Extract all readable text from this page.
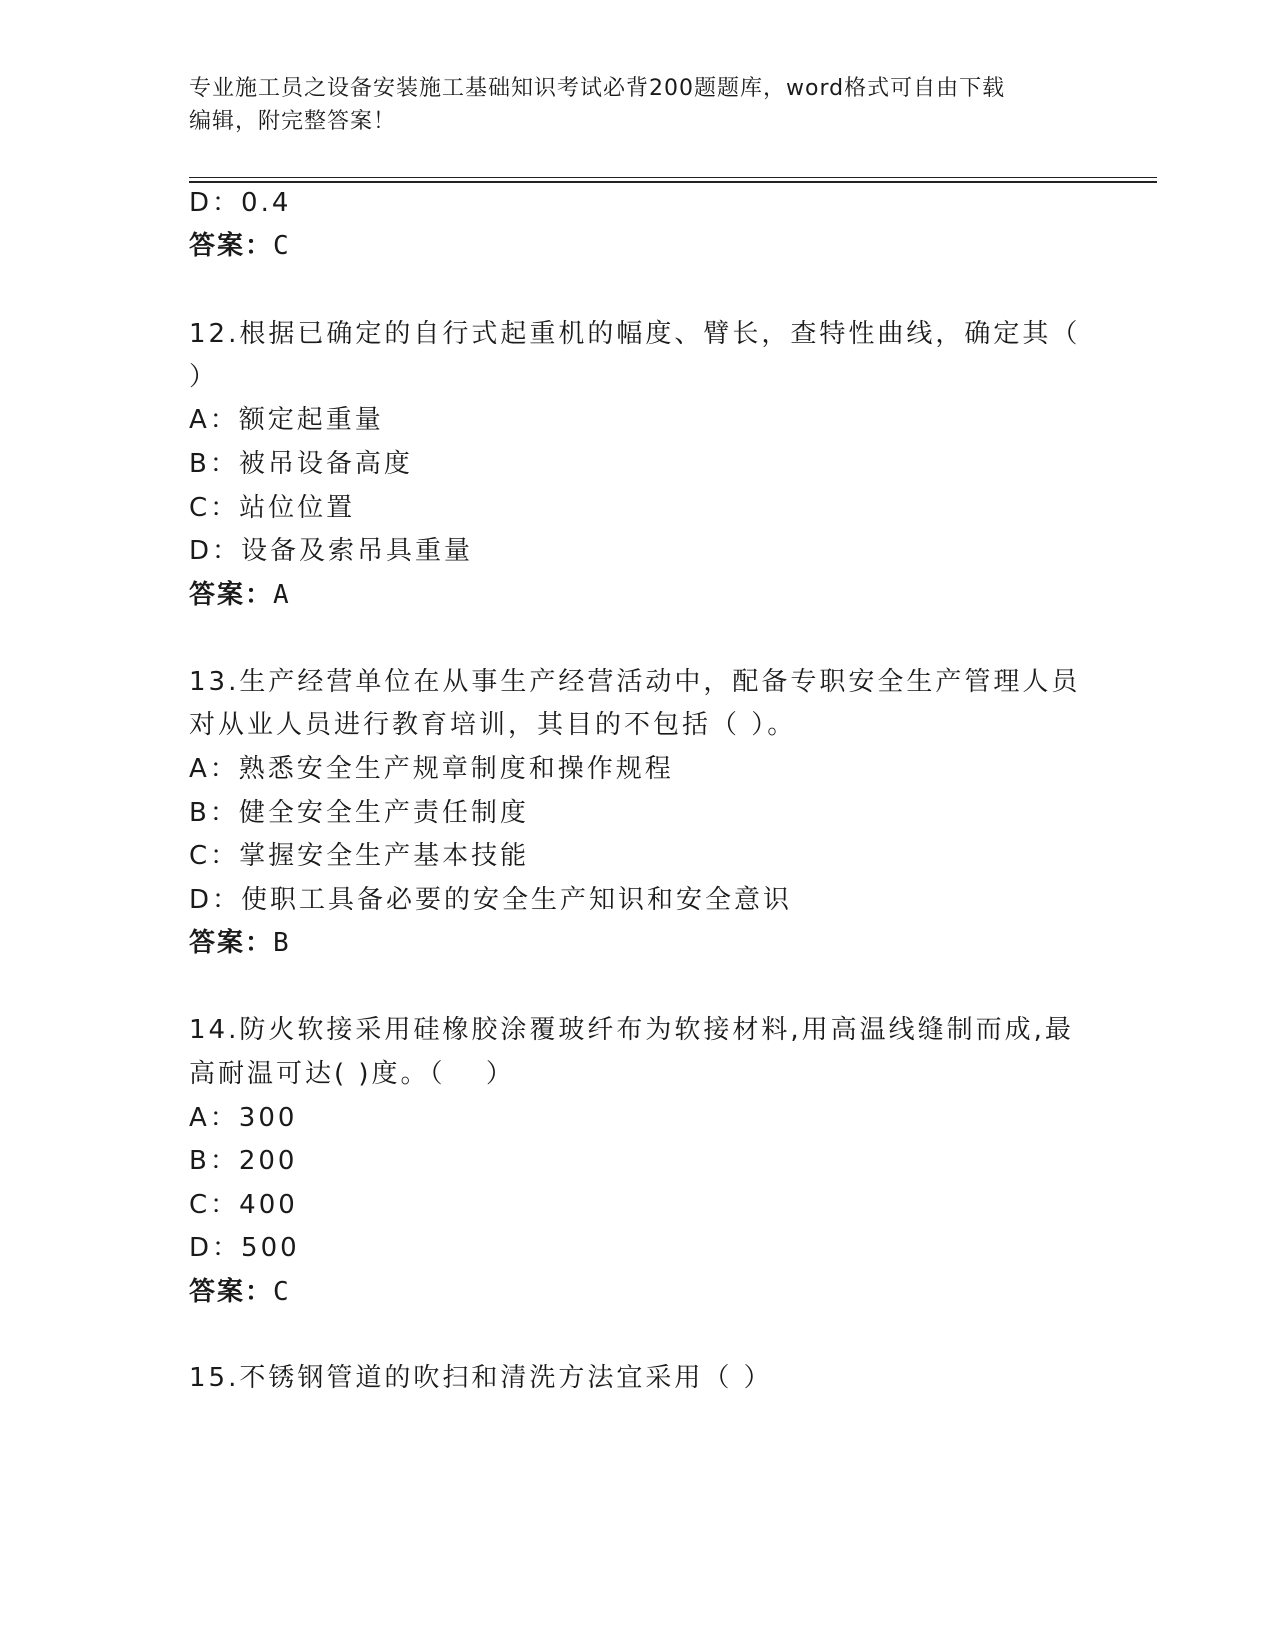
专业施工员之设备安装施工基础知识考试必背200题题库，word格式可自由下载
编辑，附完整答案！
D：0.4
答案：C
12.根据已确定的自行式起重机的幅度、臂长，查特性曲线，确定其（
）
A：额定起重量
B：被吊设备高度
C：站位位置
D：设备及索吊具重量
答案：A
13.生产经营单位在从事生产经营活动中，配备专职安全生产管理人员
对从业人员进行教育培训，其目的不包括（ ）。
A：熟悉安全生产规章制度和操作规程
B：健全安全生产责任制度
C：掌握安全生产基本技能
D：使职工具备必要的安全生产知识和安全意识
答案：B
14.防火软接采用硅橡胶涂覆玻纤布为软接材料,用高温线缝制而成,最
高耐温可达( )度。（　 ）
A：300
B：200
C：400
D：500
答案：C
15.不锈钢管道的吹扫和清洗方法宜采用（ ）
